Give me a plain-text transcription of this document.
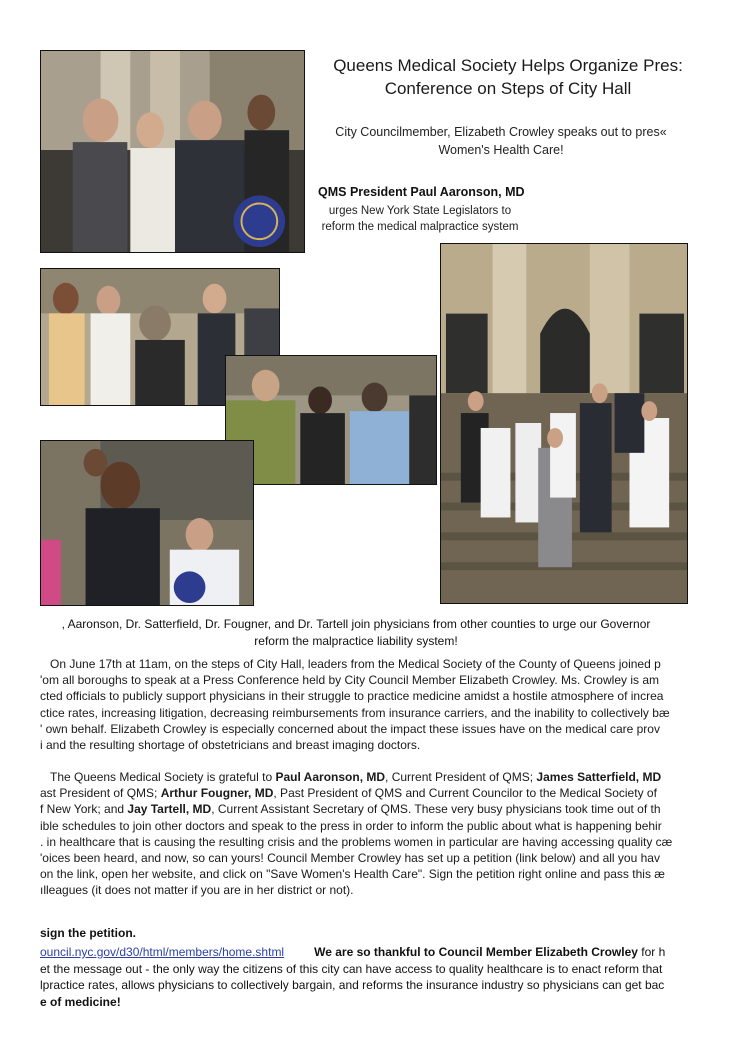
Queens Medical Society Helps Organize Pres:
Conference on Steps of City Hall
City Councilmember, Elizabeth Crowley speaks out to pres«
Women's Health Care!
QMS President Paul Aaronson, MD
urges New York State Legislators to
reform the medical malpractice system
, Aaronson, Dr. Satterfield, Dr. Fougner, and Dr. Tartell join physicians from other counties to urge our Governor
reform the malpractice liability system!
On June 17th at 11am, on the steps of City Hall, leaders from the Medical Society of the County of Queens joined p
'om all boroughs to speak at a Press Conference held by City Council Member Elizabeth Crowley. Ms. Crowley is am
cted officials to publicly support physicians in their struggle to practice medicine amidst a hostile atmosphere of increa
ctice rates, increasing litigation, decreasing reimbursements from insurance carriers, and the inability to collectively bæ
' own behalf. Elizabeth Crowley is especially concerned about the impact these issues have on the medical care prov
i and the resulting shortage of obstetricians and breast imaging doctors.
The Queens Medical Society is grateful to Paul Aaronson, MD, Current President of QMS; James Satterfield, MD
ast President of QMS; Arthur Fougner, MD, Past President of QMS and Current Councilor to the Medical Society of
f New York; and Jay Tartell, MD, Current Assistant Secretary of QMS. These very busy physicians took time out of th
ible schedules to join other doctors and speak to the press in order to inform the public about what is happening behir
. in healthcare that is causing the resulting crisis and the problems women in particular are having accessing quality cæ
'oices been heard, and now, so can yours! Council Member Crowley has set up a petition (link below) and all you hav
on the link, open her website, and click on "Save Women's Health Care". Sign the petition right online and pass this æ
ılleagues (it does not matter if you are in her district or not).
sign the petition.
ouncil.nyc.gov/d30/html/members/home.shtml	We are so thankful to Council Member Elizabeth Crowley for h
et the message out - the only way the citizens of this city can have access to quality healthcare is to enact reform that
lpractice rates, allows physicians to collectively bargain, and reforms the insurance industry so physicians can get bac
e of medicine!
